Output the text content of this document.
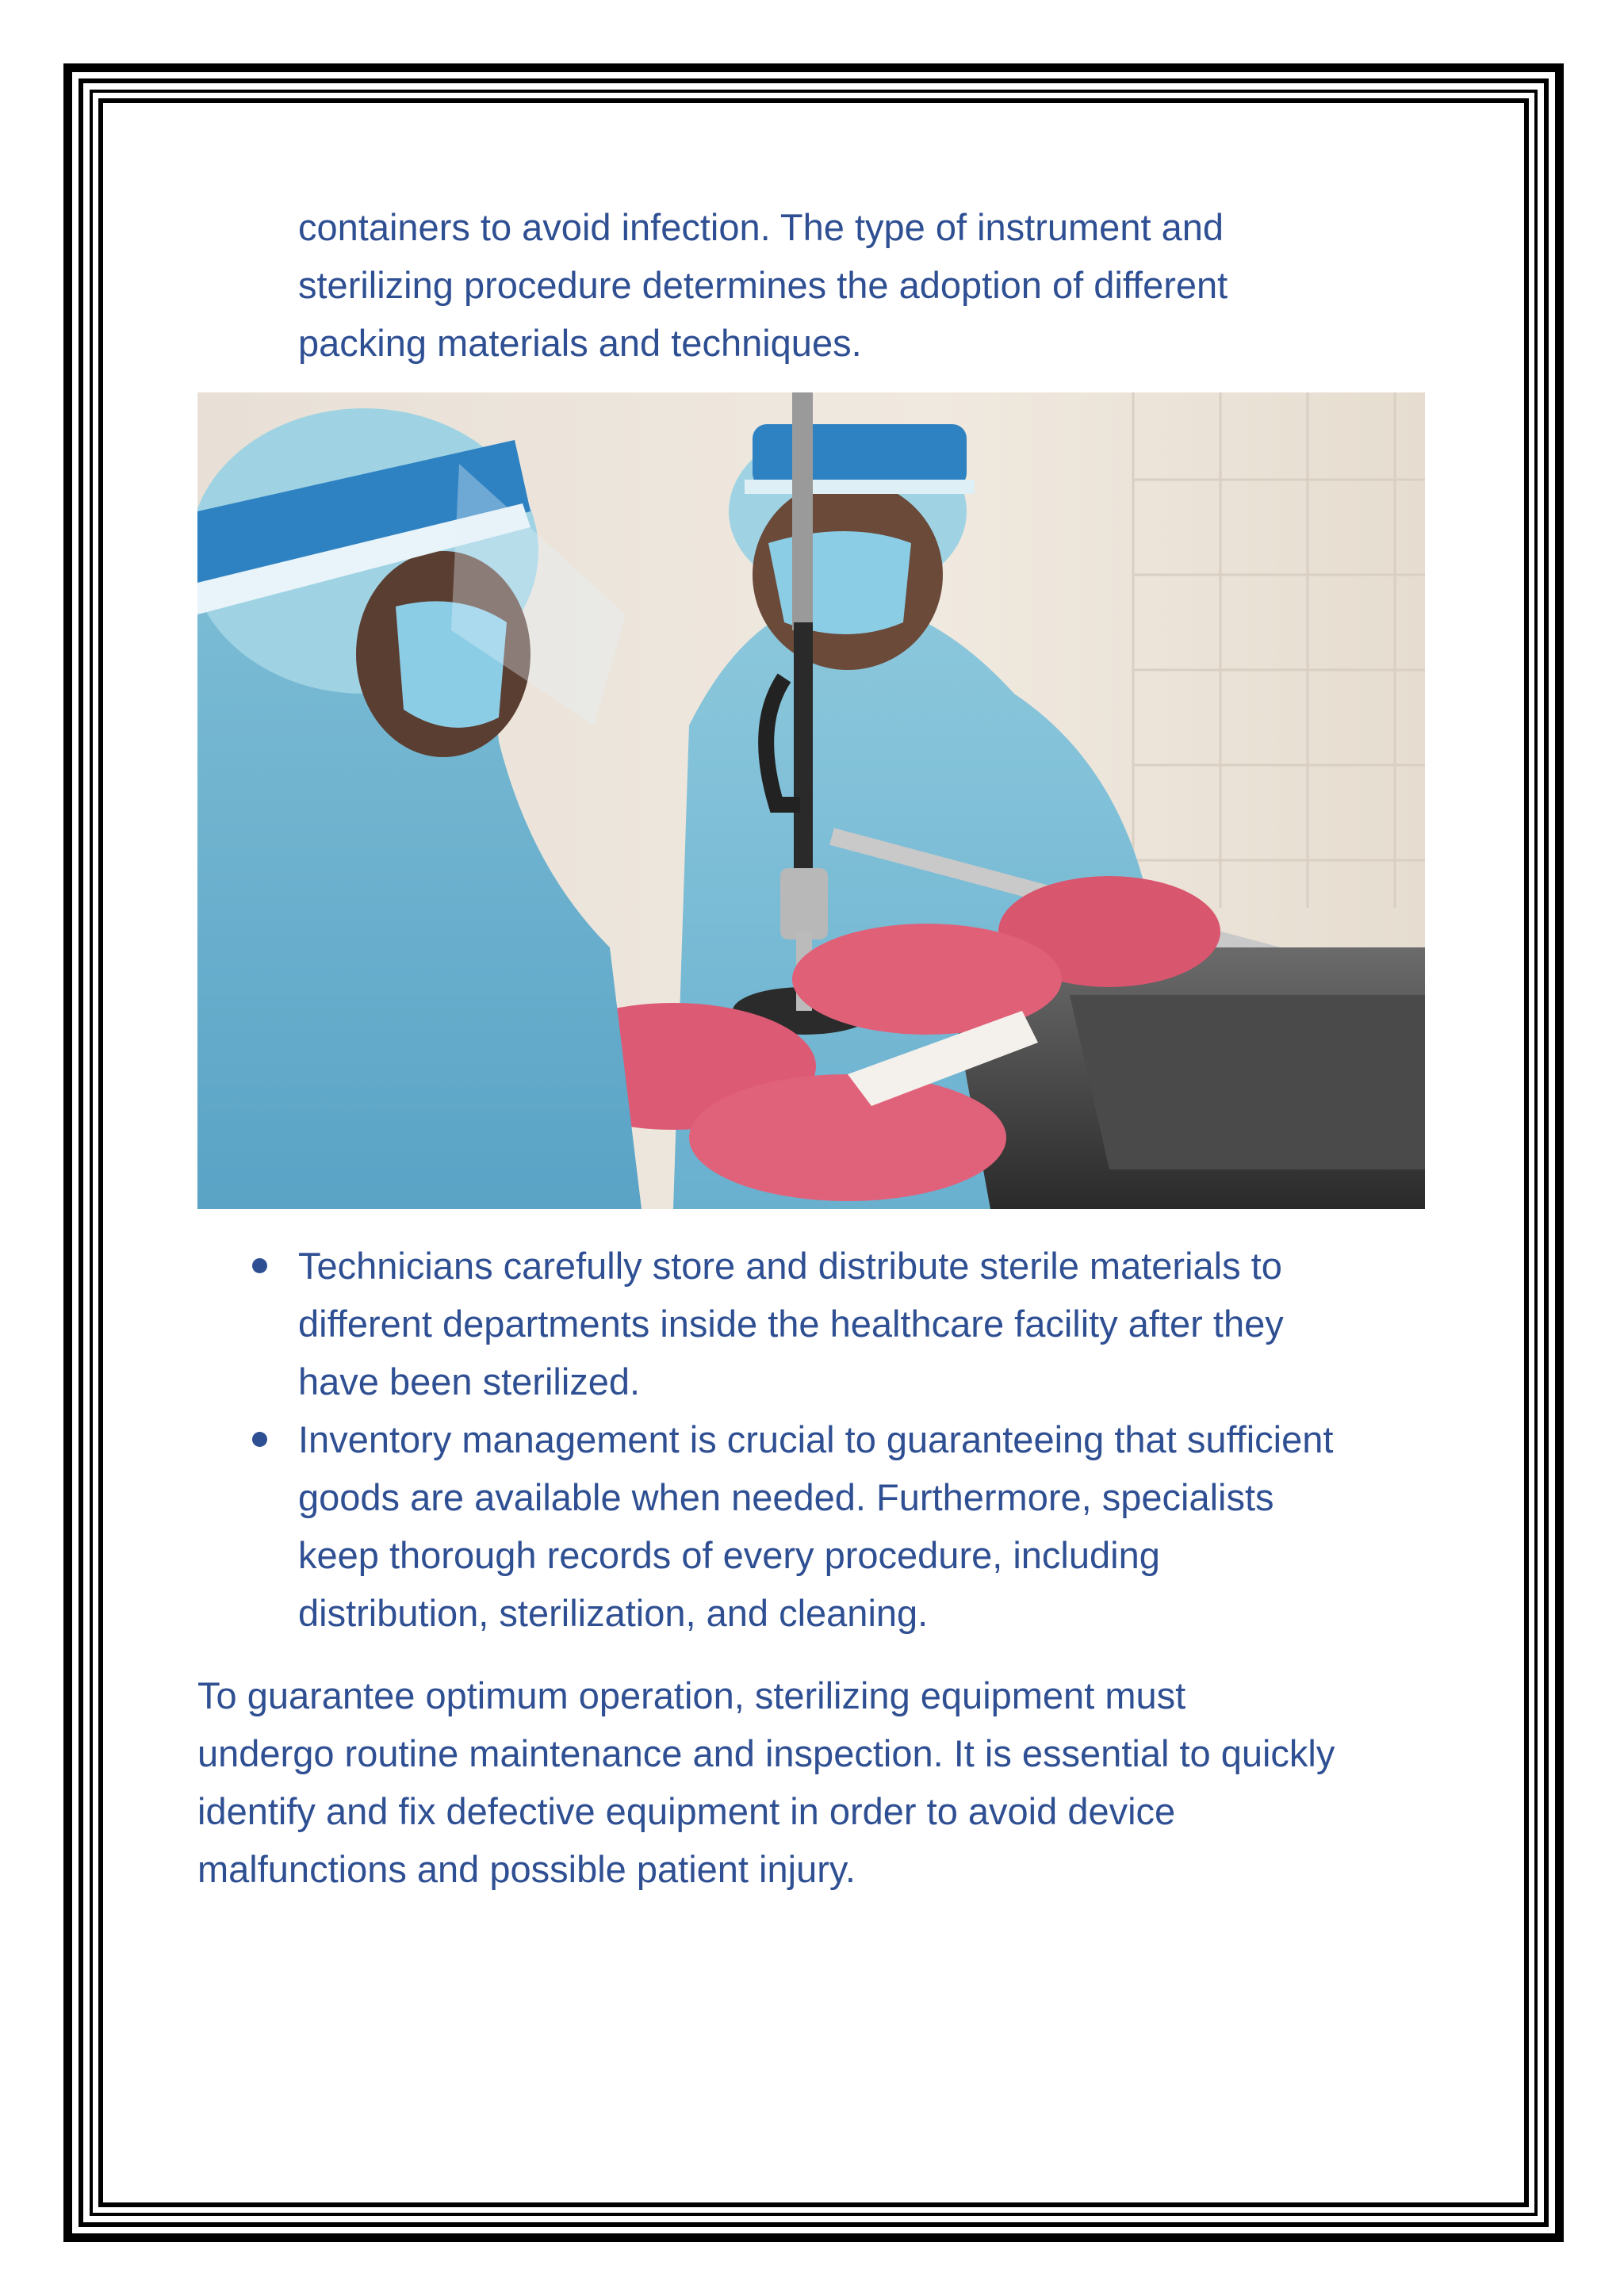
containers to avoid infection. The type of instrument and
sterilizing procedure determines the adoption of different
packing materials and techniques.
Technicians carefully store and distribute sterile materials to
different departments inside the healthcare facility after they
have been sterilized.
Inventory management is crucial to guaranteeing that sufficient
goods are available when needed. Furthermore, specialists
keep thorough records of every procedure, including
distribution, sterilization, and cleaning.
To guarantee optimum operation, sterilizing equipment must
undergo routine maintenance and inspection. It is essential to quickly
identify and fix defective equipment in order to avoid device
malfunctions and possible patient injury.
